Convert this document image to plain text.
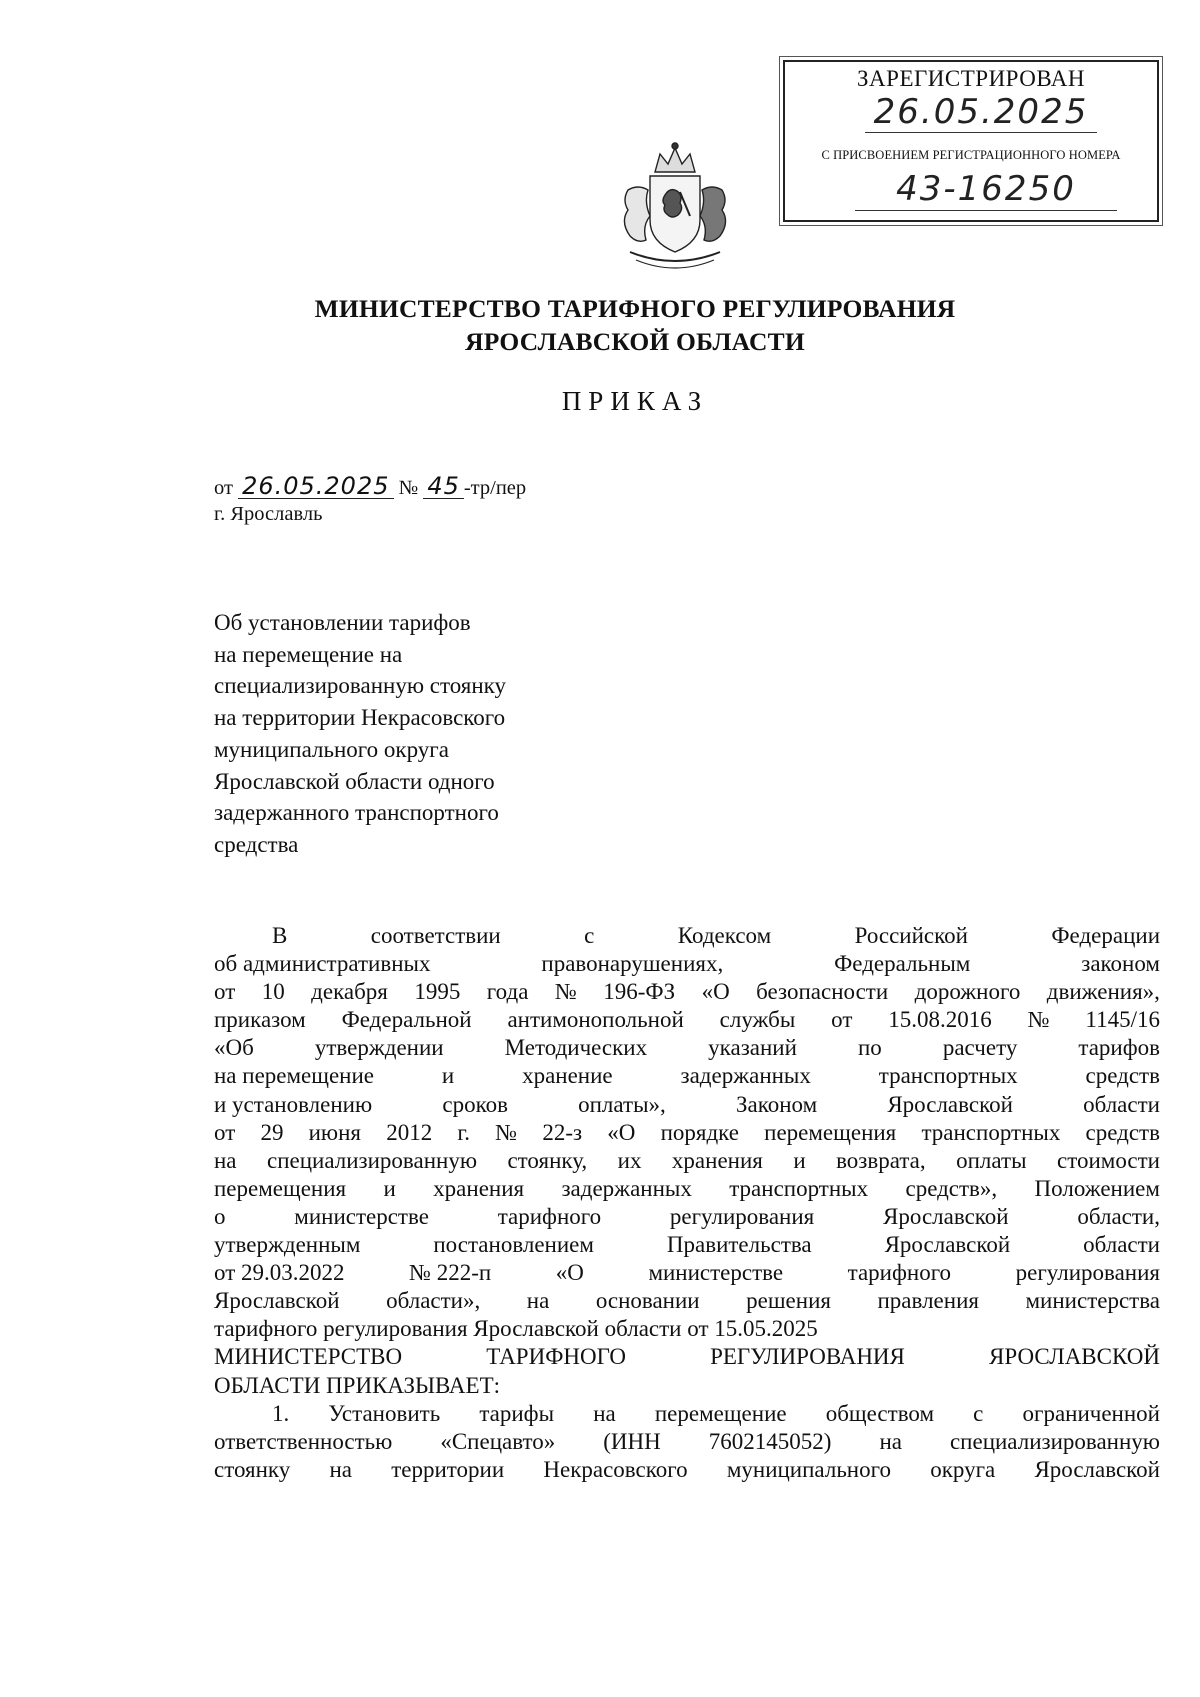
ЗАРЕГИСТРИРОВАН
26.05.2025
С ПРИСВОЕНИЕМ РЕГИСТРАЦИОННОГО НОМЕРА
43-16250
МИНИСТЕРСТВО ТАРИФНОГО РЕГУЛИРОВАНИЯ
ЯРОСЛАВСКОЙ ОБЛАСТИ
ПРИКАЗ
от 26.05.2025 № 45 -тр/пер
г. Ярославль
Об установлении тарифов
на перемещение на
специализированную стоянку
на территории Некрасовского
муниципального округа
Ярославской области одного
задержанного транспортного
средства
В	соответствии	с	Кодексом	Российской	Федерации
об административных	правонарушениях,	Федеральным	законом
от 10 декабря 1995 года № 196-ФЗ «О безопасности дорожного движения»,
приказом Федеральной антимонопольной службы от 15.08.2016 № 1145/16
«Об	утверждении	Методических	указаний	по	расчету	тарифов
на перемещение	и	хранение	задержанных	транспортных	средств
и установлению	сроков	оплаты»,	Законом	Ярославской	области
от 29 июня 2012 г. № 22-з «О порядке перемещения транспортных средств
на специализированную стоянку, их хранения и возврата, оплаты стоимости
перемещения и хранения задержанных транспортных средств», Положением
о	министерстве	тарифного	регулирования	Ярославской	области,
утвержденным	постановлением	Правительства	Ярославской	области
от 29.03.2022	№ 222-п	«О	министерстве	тарифного	регулирования
Ярославской области», на основании решения правления министерства
тарифного регулирования Ярославской области от 15.05.2025
МИНИСТЕРСТВО	ТАРИФНОГО	РЕГУЛИРОВАНИЯ	ЯРОСЛАВСКОЙ
ОБЛАСТИ ПРИКАЗЫВАЕТ:
1. Установить тарифы на перемещение обществом с ограниченной
ответственностью «Спецавто» (ИНН 7602145052) на специализированную
стоянку на территории Некрасовского муниципального округа Ярославской
